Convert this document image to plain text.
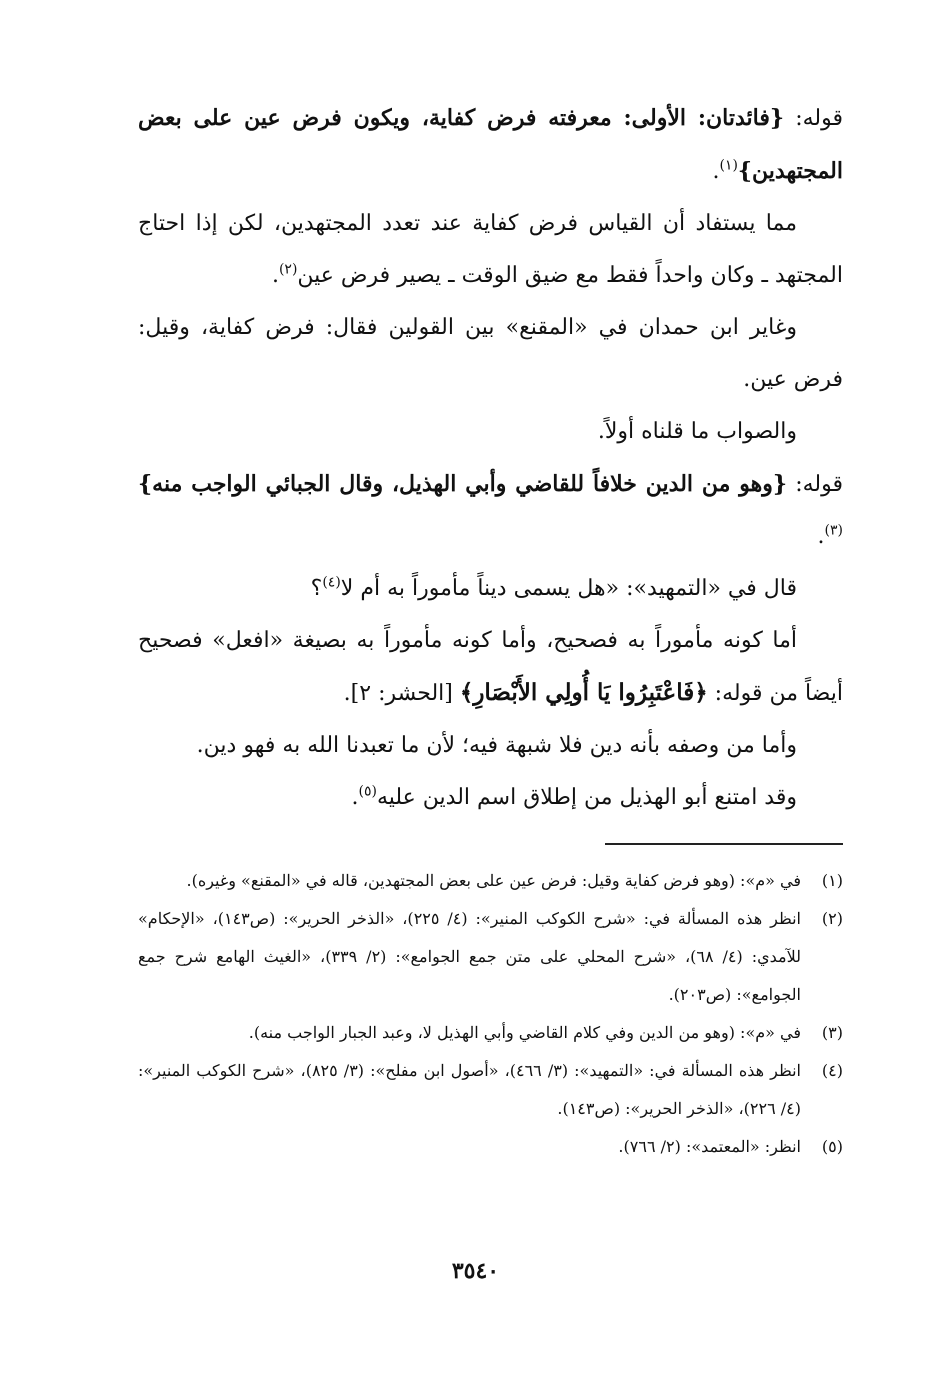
قوله: {فائدتان: الأولى: معرفته فرض كفاية، ويكون فرض عين على بعض المجتهدين}$^{(١)}$.

مما يستفاد أن القياس فرض كفاية عند تعدد المجتهدين، لكن إذا احتاج المجتهد ـ وكان واحداً فقط مع ضيق الوقت ـ يصير فرض عين$^{(٢)}$.

وغاير ابن حمدان في «المقنع» بين القولين فقال: فرض كفاية، وقيل: فرض عين.

والصواب ما قلناه أولاً.

قوله: {وهو من الدين خلافاً للقاضي وأبي الهذيل، وقال الجبائي الواجب منه}$^{(٣)}$.

قال في «التمهيد»: «هل يسمى ديناً مأموراً به أم لا$^{(٤)}$؟

أما كونه مأموراً به فصحيح، وأما كونه مأموراً به بصيغة «افعل» فصحيح أيضاً من قوله: ﴿فَاعْتَبِرُوا يَا أُولِي الأَبْصَارِ﴾ [الحشر: ٢].

وأما من وصفه بأنه دين فلا شبهة فيه؛ لأن ما تعبدنا الله به فهو دين.

وقد امتنع أبو الهذيل من إطلاق اسم الدين عليه$^{(٥)}$.

(١)
في «م»: (وهو فرض كفاية وقيل: فرض عين على بعض المجتهدين، قاله في «المقنع» وغيره).
(٢)
انظر هذه المسألة في: «شرح الكوكب المنير»: (٤/ ٢٢٥)، «الذخر الحرير»: (ص١٤٣)، «الإحكام» للآمدي: (٤/ ٦٨)، «شرح المحلي على متن جمع الجوامع»: (٢/ ٣٣٩)، «الغيث الهامع شرح جمع الجوامع»: (ص٢٠٣).
(٣)
في «م»: (وهو من الدين وفي كلام القاضي وأبي الهذيل لا، وعبد الجبار الواجب منه).
(٤)
انظر هذه المسألة في: «التمهيد»: (٣/ ٤٦٦)، «أصول ابن مفلح»: (٣/ ٨٢٥)، «شرح الكوكب المنير»: (٤/ ٢٢٦)، «الذخر الحرير»: (ص١٤٣).
(٥)
انظر: «المعتمد»: (٢/ ٧٦٦).
٣٥٤٠
